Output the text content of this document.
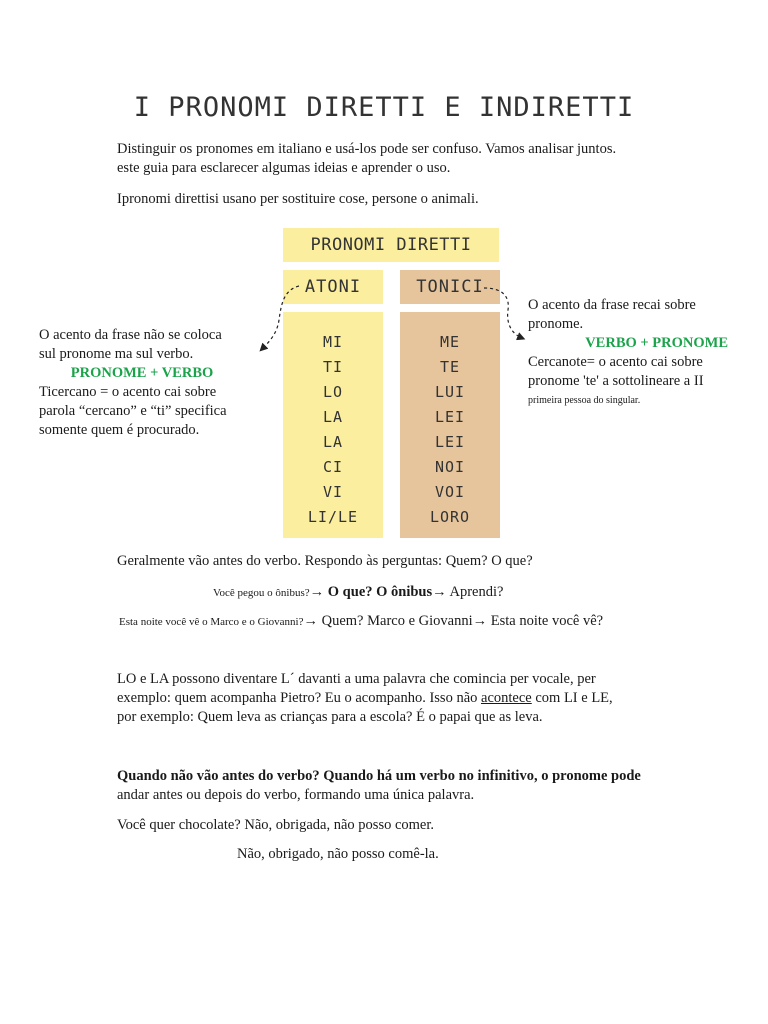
I PRONOMI DIRETTI E INDIRETTI
Distinguir os pronomes em italiano e usá-los pode ser confuso. Vamos analisar juntos.
este guia para esclarecer algumas ideias e aprender o uso.
Ipronomi direttisi usano per sostituire cose, persone o animali.
PRONOMI DIRETTI
ATONI	TONICI
MI
TI
LO
LA
LA
CI
VI
LI/LE
ME
TE
LUI
LEI
LEI
NOI
VOI
LORO
O acento da frase não se coloca
sul pronome ma sul verbo.
PRONOME + VERBO
Ticercano = o acento cai sobre
parola “cercano” e “ti” specifica
somente quem é procurado.
O acento da frase recai sobre
pronome.
VERBO + PRONOME
Cercanote= o acento cai sobre
pronome 'te' a sottolineare a II
primeira pessoa do singular.
Geralmente vão antes do verbo. Respondo às perguntas: Quem? O que?
Você pegou o ônibus?→ O que? O ônibus→ Aprendi?
Esta noite você vê o Marco e o Giovanni?→ Quem? Marco e Giovanni→ Esta noite você vê?
LO e LA possono diventare L´ davanti a uma palavra che comincia per vocale, per
exemplo: quem acompanha Pietro? Eu o acompanho. Isso não acontece com LI e LE,
por exemplo: Quem leva as crianças para a escola? É o papai que as leva.
Quando não vão antes do verbo? Quando há um verbo no infinitivo, o pronome pode
andar antes ou depois do verbo, formando uma única palavra.
Você quer chocolate? Não, obrigada, não posso comer.
Não, obrigado, não posso comê-la.
